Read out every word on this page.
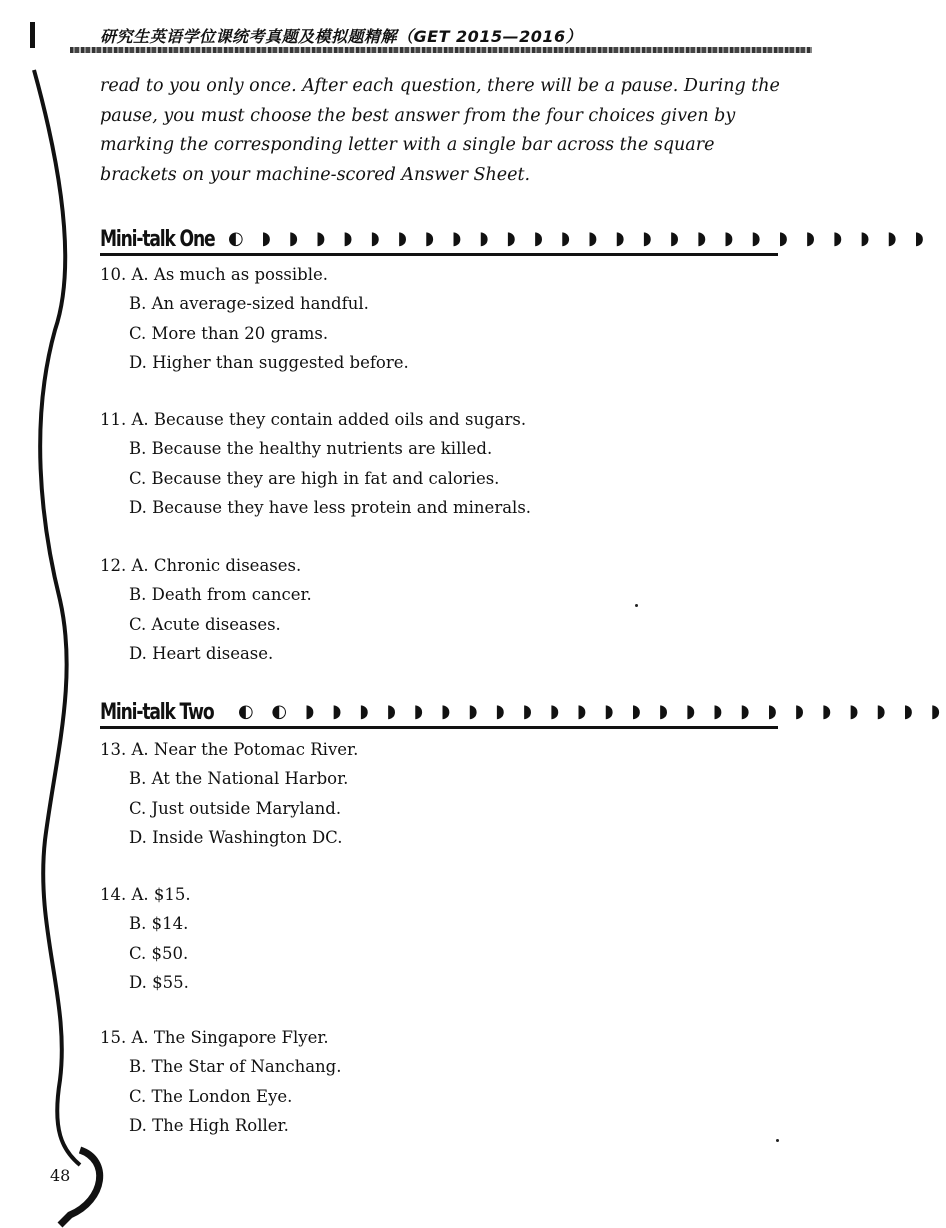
研究生英语学位课统考真题及模拟题精解（GET 2015—2016）
read to you only once. After each question, there will be a pause. During the pause, you must choose the best answer from the four choices given by marking the corresponding letter with a single bar across the square brackets on your machine-scored Answer Sheet.
Mini-talk One ◐ ◗ ◗ ◗ ◗ ◗ ◗ ◗ ◗ ◗ ◗ ◗ ◗ ◗ ◗ ◗ ◗ ◗ ◗ ◗ ◗ ◗ ◗ ◗ ◗ ◗
10. A. As much as possible.
B. An average-sized handful.
C. More than 20 grams.
D. Higher than suggested before.
11. A. Because they contain added oils and sugars.
B. Because the healthy nutrients are killed.
C. Because they are high in fat and calories.
D. Because they have less protein and minerals.
12. A. Chronic diseases.
B. Death from cancer.
C. Acute diseases.
D. Heart disease.
Mini-talk Two ◐ ◐ ◗ ◗ ◗ ◗ ◗ ◗ ◗ ◗ ◗ ◗ ◗ ◗ ◗ ◗ ◗ ◗ ◗ ◗ ◗ ◗ ◗ ◗ ◗ ◗
13. A. Near the Potomac River.
B. At the National Harbor.
C. Just outside Maryland.
D. Inside Washington DC.
14. A. $15.
B. $14.
C. $50.
D. $55.
15. A. The Singapore Flyer.
B. The Star of Nanchang.
C. The London Eye.
D. The High Roller.
48
